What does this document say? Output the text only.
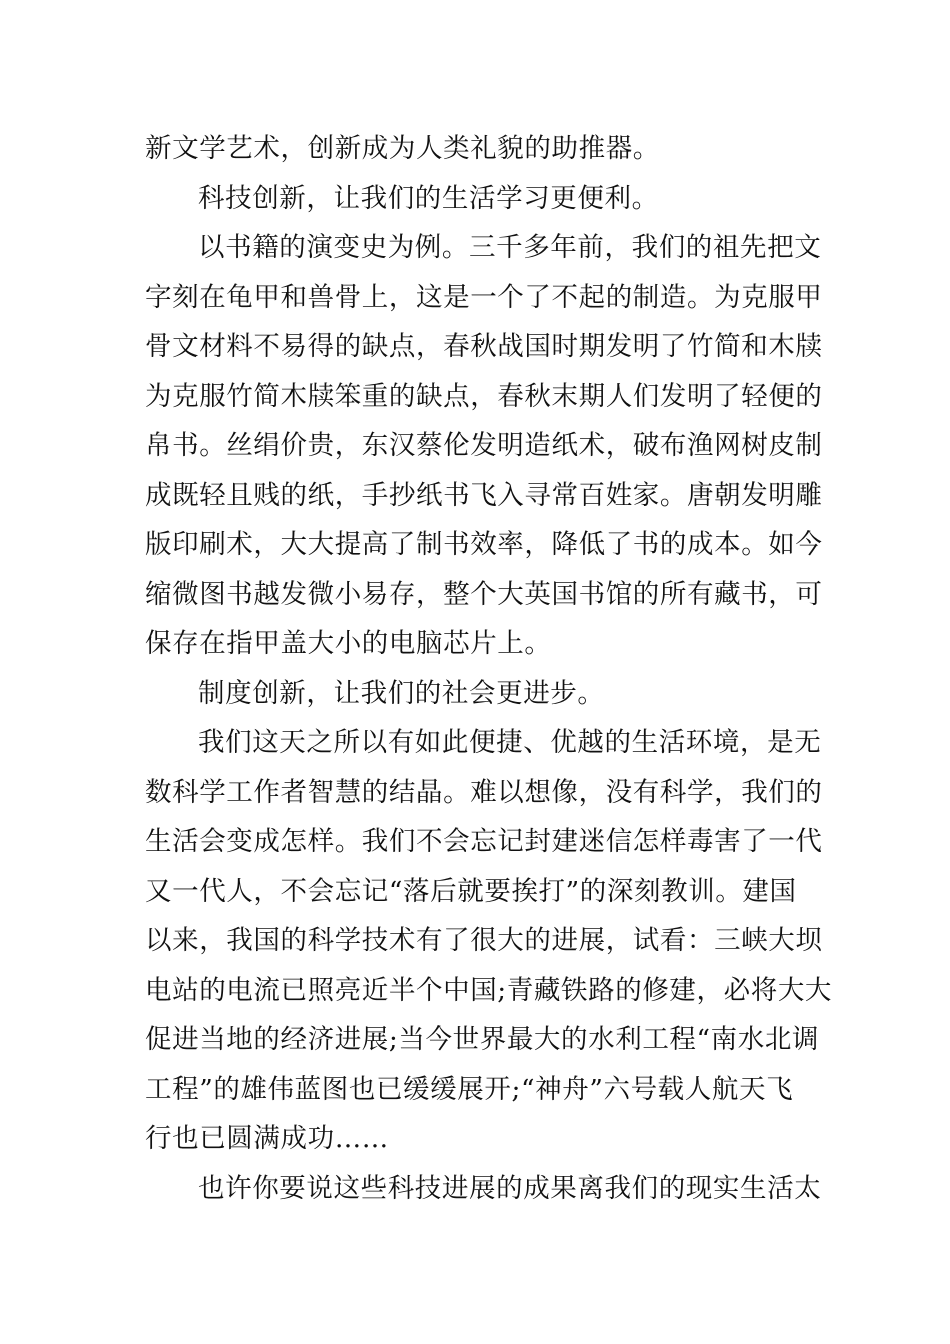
新文学艺术，创新成为人类礼貌的助推器。
科技创新，让我们的生活学习更便利。
以书籍的演变史为例。三千多年前，我们的祖先把文
字刻在龟甲和兽骨上，这是一个了不起的制造。为克服甲
骨文材料不易得的缺点，春秋战国时期发明了竹简和木牍
为克服竹简木牍笨重的缺点，春秋末期人们发明了轻便的
帛书。丝绢价贵，东汉蔡伦发明造纸术，破布渔网树皮制
成既轻且贱的纸，手抄纸书飞入寻常百姓家。唐朝发明雕
版印刷术，大大提高了制书效率，降低了书的成本。如今
缩微图书越发微小易存，整个大英国书馆的所有藏书，可
保存在指甲盖大小的电脑芯片上。
制度创新，让我们的社会更进步。
我们这天之所以有如此便捷、优越的生活环境，是无
数科学工作者智慧的结晶。难以想像，没有科学，我们的
生活会变成怎样。我们不会忘记封建迷信怎样毒害了一代
又一代人，不会忘记“落后就要挨打”的深刻教训。建国
以来，我国的科学技术有了很大的进展，试看：三峡大坝
电站的电流已照亮近半个中国;青藏铁路的修建，必将大大
促进当地的经济进展;当今世界最大的水利工程“南水北调
工程”的雄伟蓝图也已缓缓展开;“神舟”六号载人航天飞
行也已圆满成功……
也许你要说这些科技进展的成果离我们的现实生活太
